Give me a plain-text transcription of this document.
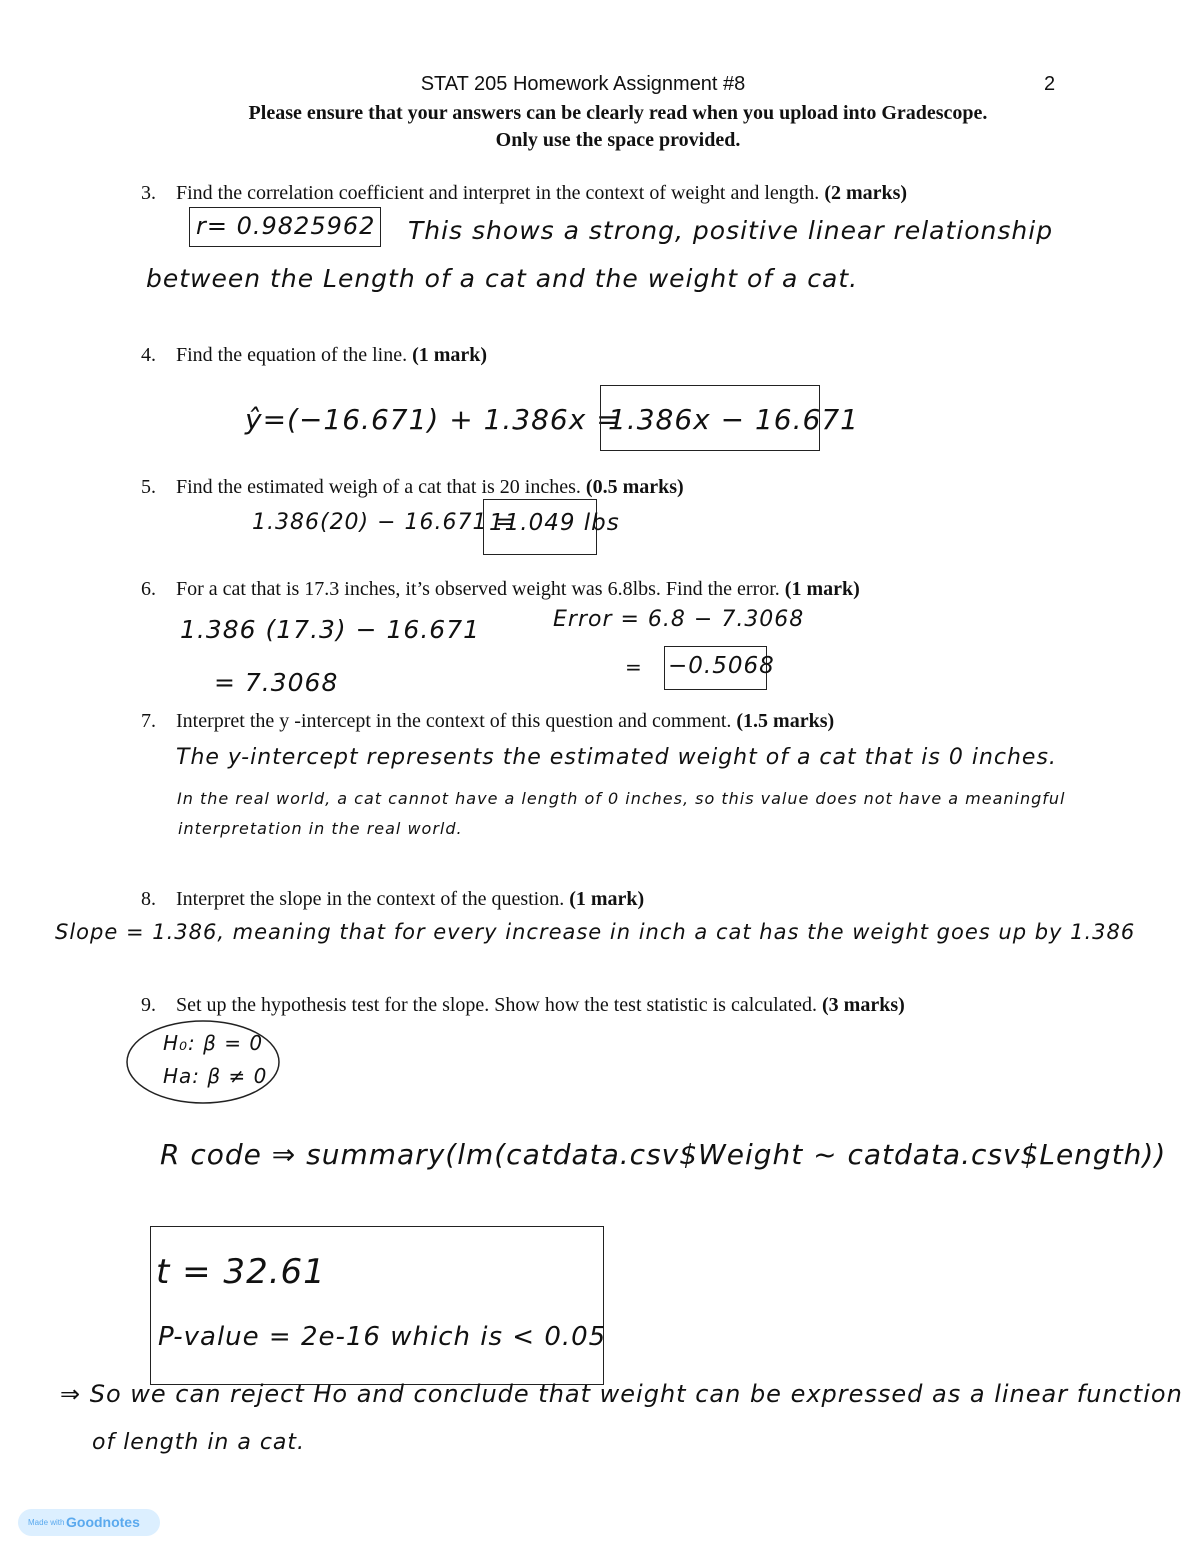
STAT 205 Homework Assignment #8	2
Please ensure that your answers can be clearly read when you upload into Gradescope.
Only use the space provided.
3. Find the correlation coefficient and interpret in the context of weight and length. (2 marks)
r= 0.9825962 This shows a strong, positive linear relationship
between the Length of a cat and the weight of a cat.
4. Find the equation of the line. (1 mark)
ŷ=(−16.671) + 1.386x =
1.386x − 16.671
5. Find the estimated weigh of a cat that is 20 inches. (0.5 marks)
1.386(20) − 16.671 =
11.049 lbs
6. For a cat that is 17.3 inches, it’s observed weight was 6.8lbs. Find the error. (1 mark)
1.386 (17.3) − 16.671
= 7.3068
Error = 6.8 − 7.3068
= −0.5068
7. Interpret the y -intercept in the context of this question and comment. (1.5 marks)
The y-intercept represents the estimated weight of a cat that is 0 inches.
In the real world, a cat cannot have a length of 0 inches, so this value does not have a meaningful
interpretation in the real world.
8. Interpret the slope in the context of the question. (1 mark)
Slope = 1.386, meaning that for every increase in inch a cat has the weight goes up by 1.386
9. Set up the hypothesis test for the slope. Show how the test statistic is calculated. (3 marks)
H₀: β = 0
Ha: β ≠ 0
R code ⇒ summary(lm(catdata.csv$Weight ~ catdata.csv$Length))
t = 32.61
P-value = 2e-16 which is < 0.05
⇒ So we can reject Ho and conclude that weight can be expressed as a linear function
of length in a cat.
Made with Goodnotes
